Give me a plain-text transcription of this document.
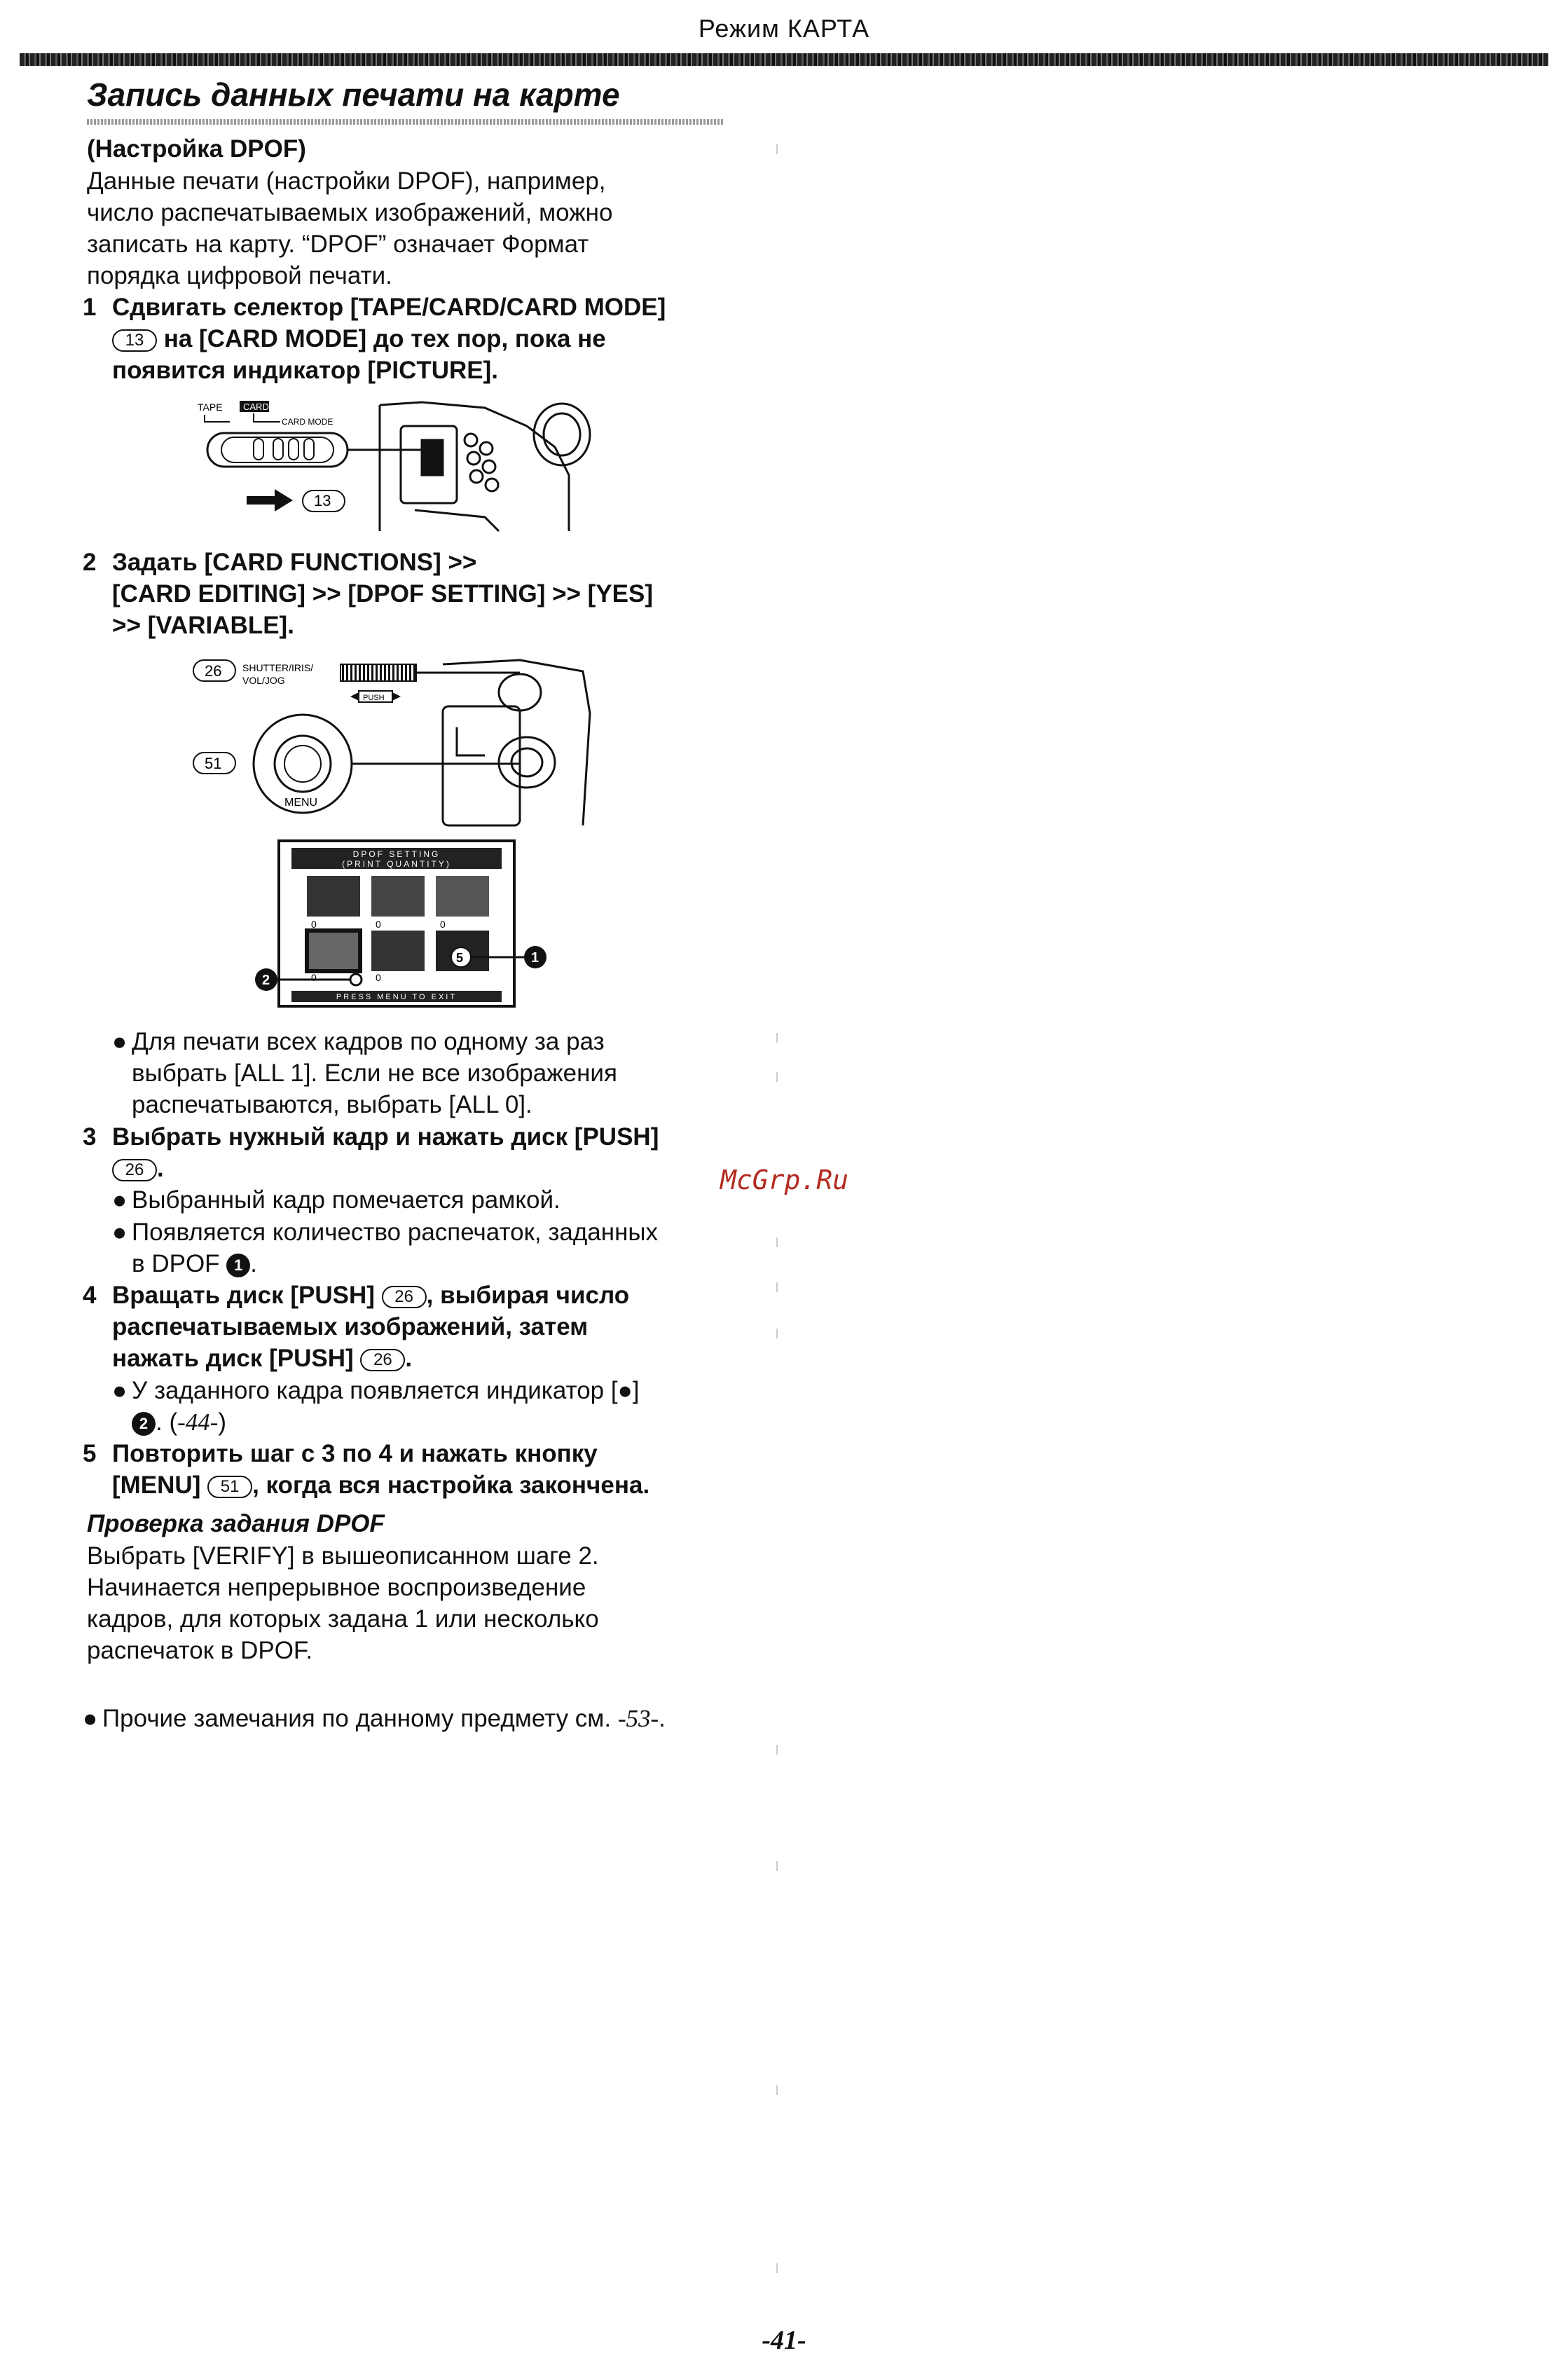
Режим КАРТА
Запись данных печати на карте
(Настройка DPOF)
Данные печати (настройки DPOF), например,
число распечатываемых изображений, можно
записать на карту. “DPOF” означает Формат
порядка цифровой печати.
1 Сдвигать селектор [TAPE/CARD/CARD MODE]
13 на [CARD MODE] до тех пор, пока не
появится индикатор [PICTURE].
TAPE CARD
CARD MODE
13
2 Задать [CARD FUNCTIONS] >>
[CARD EDITING] >> [DPOF SETTING] >> [YES]
>> [VARIABLE].
26 SHUTTER/IRIS/
VOL/JOG
PUSH
51
MENU
DPOF SETTING
(PRINT QUANTITY)
0	0	0
0	0
5
PRESS MENU TO EXIT
2
1
● Для печати всех кадров по одному за раз
выбрать [ALL 1]. Если не все изображения
распечатываются, выбрать [ALL 0].
3 Выбрать нужный кадр и нажать диск [PUSH]
26 .
● Выбранный кадр помечается рамкой.
● Появляется количество распечаток, заданных
в DPOF 1 .
4 Вращать диск [PUSH] 26 , выбирая число
распечатываемых изображений, затем
нажать диск [PUSH] 26 .
● У заданного кадра появляется индикатор [●]
2 . (-44-)
5 Повторить шаг с 3 по 4 и нажать кнопку
[MENU] 51 , когда вся настройка закончена.
Проверка задания DPOF
Выбрать [VERIFY] в вышеописанном шаге 2.
Начинается непрерывное воспроизведение
кадров, для которых задана 1 или несколько
распечаток в DPOF.
● Прочие замечания по данному предмету см. -53-.
McGrp.Ru
-41-
